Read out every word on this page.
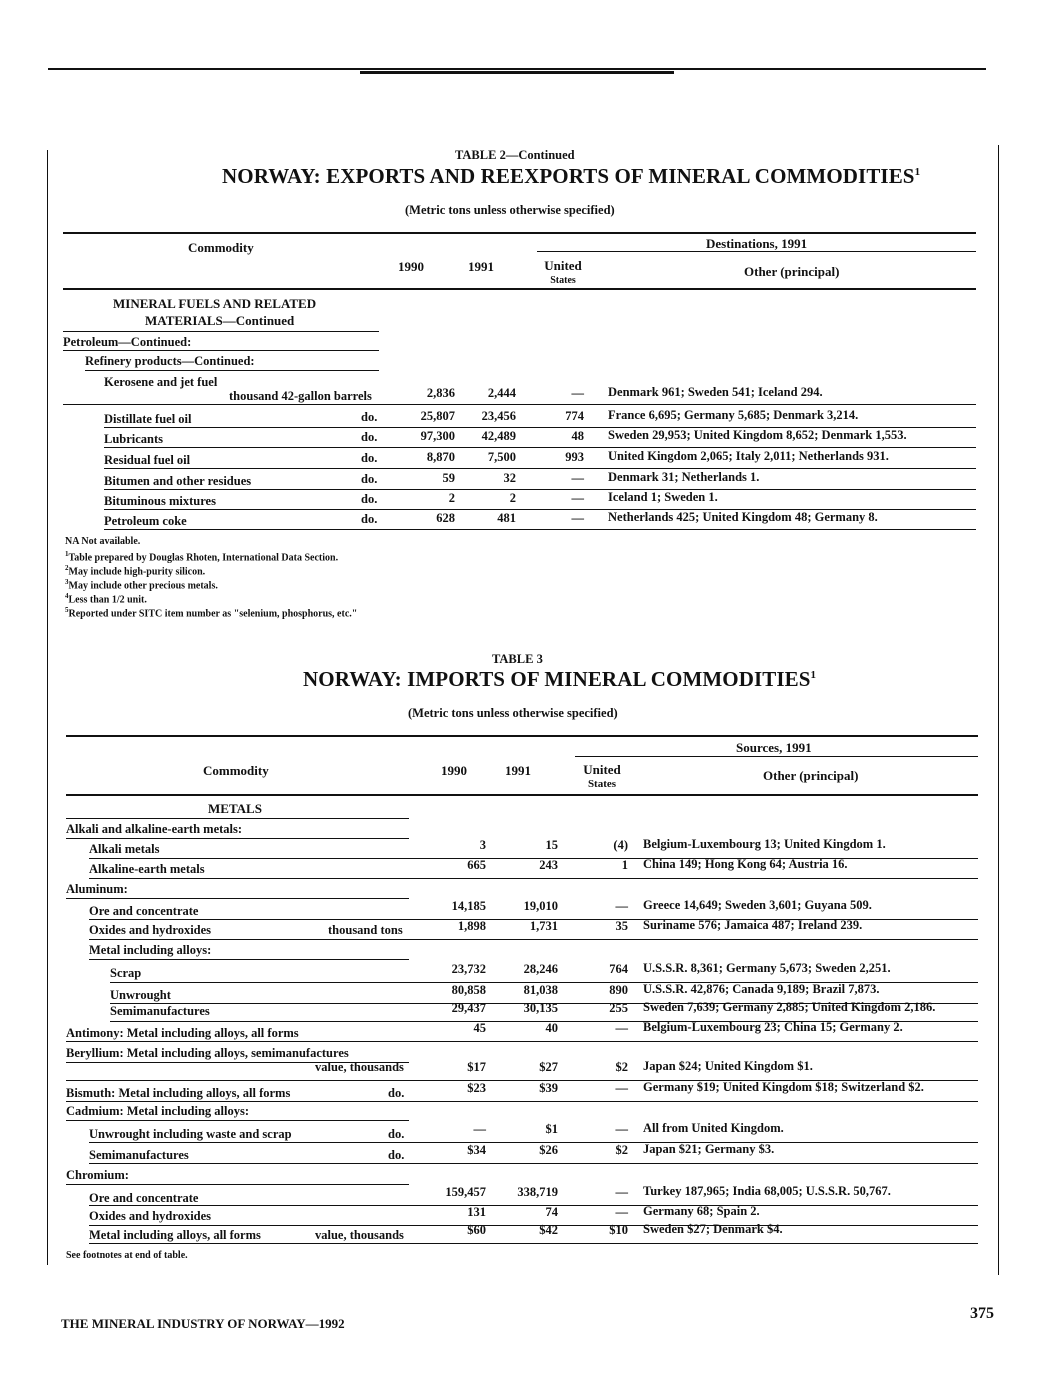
TABLE 2—Continued
NORWAY: EXPORTS AND REEXPORTS OF MINERAL COMMODITIES$^1$
(Metric tons unless otherwise specified)
Commodity
1990	1991
Destinations, 1991
United
States
Other (principal)
MINERAL FUELS AND RELATED
MATERIALS—Continued
Petroleum—Continued:
Refinery products—Continued:
Kerosene and jet fuel
thousand 42-gallon barrels	2,836	2,444	— Denmark 961; Sweden 541; Iceland 294.
Distillate fuel oil	do.	25,807	23,456	774 France 6,695; Germany 5,685; Denmark 3,214.
Lubricants	do.	97,300	42,489	48 Sweden 29,953; United Kingdom 8,652; Denmark 1,553.
Residual fuel oil	do.	8,870	7,500	993 United Kingdom 2,065; Italy 2,011; Netherlands 931.
Bitumen and other residues	do.	59	32	— Denmark 31; Netherlands 1.
Bituminous mixtures	do.	2	2	— Iceland 1; Sweden 1.
Petroleum coke	do.	628	481	— Netherlands 425; United Kingdom 48; Germany 8.
NA Not available.
$^1$Table prepared by Douglas Rhoten, International Data Section.
$^2$May include high-purity silicon.
$^3$May include other precious metals.
$^4$Less than 1/2 unit.
$^5$Reported under SITC item number as "selenium, phosphorus, etc."
TABLE 3
NORWAY: IMPORTS OF MINERAL COMMODITIES$^1$
(Metric tons unless otherwise specified)
Commodity	1990	1991
Sources, 1991
United
States
Other (principal)
METALS
Alkali and alkaline-earth metals:
Alkali metals	3	15	(4) Belgium-Luxembourg 13; United Kingdom 1.
Alkaline-earth metals	665	243	1 China 149; Hong Kong 64; Austria 16.
Aluminum:
Ore and concentrate	14,185	19,010	— Greece 14,649; Sweden 3,601; Guyana 509.
Oxides and hydroxides	thousand tons	1,898	1,731	35 Suriname 576; Jamaica 487; Ireland 239.
Metal including alloys:
Scrap	23,732	28,246	764 U.S.S.R. 8,361; Germany 5,673; Sweden 2,251.
Unwrought	80,858	81,038	890 U.S.S.R. 42,876; Canada 9,189; Brazil 7,873.
Semimanufactures	29,437	30,135	255 Sweden 7,639; Germany 2,885; United Kingdom 2,186.
Antimony: Metal including alloys, all forms	45	40	— Belgium-Luxembourg 23; China 15; Germany 2.
Beryllium: Metal including alloys, semimanufactures
value, thousands	$17	$27	$2 Japan $24; United Kingdom $1.
Bismuth: Metal including alloys, all forms	do.	$23	$39	— Germany $19; United Kingdom $18; Switzerland $2.
Cadmium: Metal including alloys:
Unwrought including waste and scrap	do.	—	$1	— All from United Kingdom.
Semimanufactures	do.	$34	$26	$2 Japan $21; Germany $3.
Chromium:
Ore and concentrate	159,457	338,719	— Turkey 187,965; India 68,005; U.S.S.R. 50,767.
Oxides and hydroxides	131	74	— Germany 68; Spain 2.
Metal including alloys, all forms	value, thousands	$60	$42	$10 Sweden $27; Denmark $4.
See footnotes at end of table.
THE MINERAL INDUSTRY OF NORWAY—1992
375
